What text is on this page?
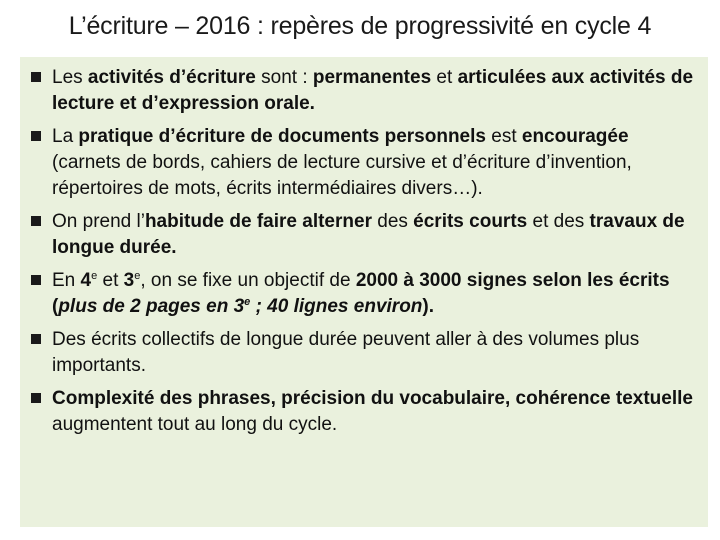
L’écriture – 2016 : repères de progressivité en cycle 4
Les activités d’écriture sont : permanentes et articulées aux activités de lecture et d’expression orale.
La pratique d’écriture de documents personnels est encouragée (carnets de bords, cahiers de lecture cursive et d’écriture d’invention, répertoires de mots, écrits intermédiaires divers…).
On prend l’habitude de faire alterner des écrits courts et des travaux de longue durée.
En 4e et 3e, on se fixe un objectif de 2000 à 3000 signes selon les écrits (plus de 2 pages en 3e ; 40 lignes environ).
Des écrits collectifs de longue durée peuvent aller à des volumes plus importants.
Complexité des phrases, précision du vocabulaire, cohérence textuelle augmentent tout au long du cycle.
